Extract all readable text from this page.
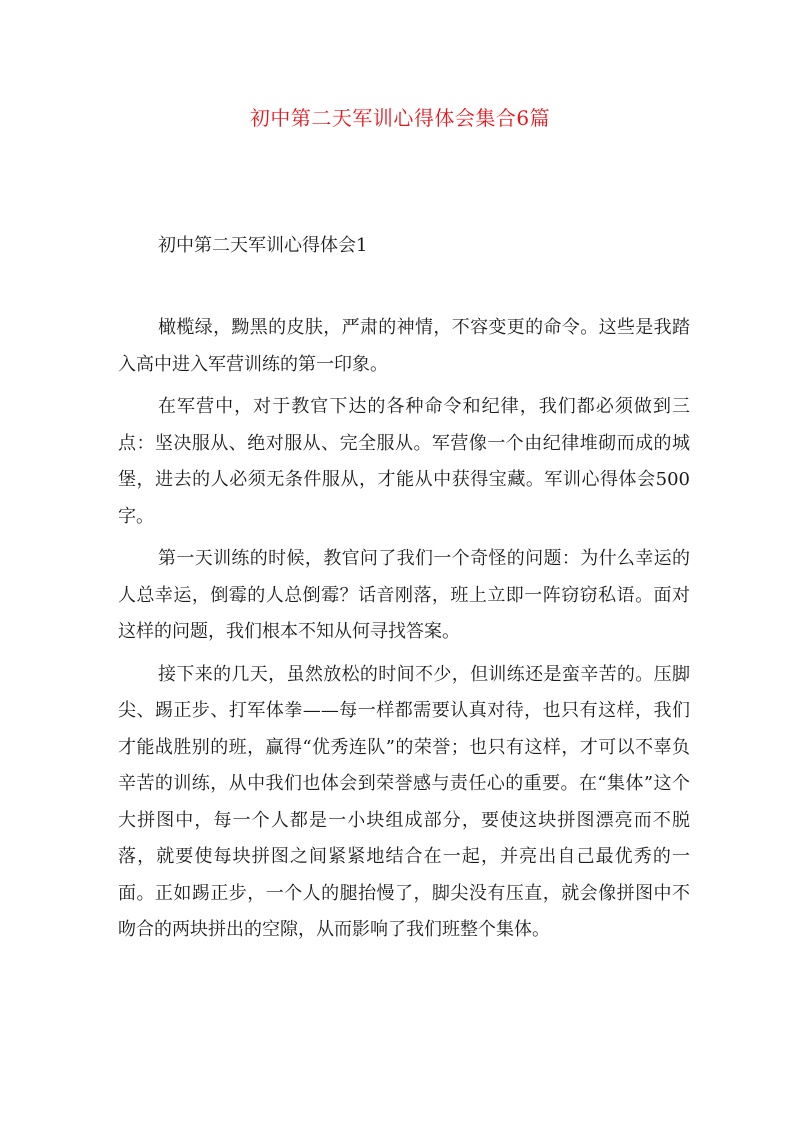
初中第二天军训心得体会集合6篇
初中第二天军训心得体会1

橄榄绿，黝黑的皮肤，严肃的神情，不容变更的命令。这些是我踏入高中进入军营训练的第一印象。

在军营中，对于教官下达的各种命令和纪律，我们都必须做到三点：坚决服从、绝对服从、完全服从。军营像一个由纪律堆砌而成的城堡，进去的人必须无条件服从，才能从中获得宝藏。军训心得体会500字。

第一天训练的时候，教官问了我们一个奇怪的问题：为什么幸运的人总幸运，倒霉的人总倒霉？话音刚落，班上立即一阵窃窃私语。面对这样的问题，我们根本不知从何寻找答案。

接下来的几天，虽然放松的时间不少，但训练还是蛮辛苦的。压脚尖、踢正步、打军体拳——每一样都需要认真对待，也只有这样，我们才能战胜别的班，赢得“优秀连队”的荣誉；也只有这样，才可以不辜负辛苦的训练，从中我们也体会到荣誉感与责任心的重要。在“集体”这个大拼图中，每一个人都是一小块组成部分，要使这块拼图漂亮而不脱落，就要使每块拼图之间紧紧地结合在一起，并亮出自己最优秀的一面。正如踢正步，一个人的腿抬慢了，脚尖没有压直，就会像拼图中不吻合的两块拼出的空隙，从而影响了我们班整个集体。
